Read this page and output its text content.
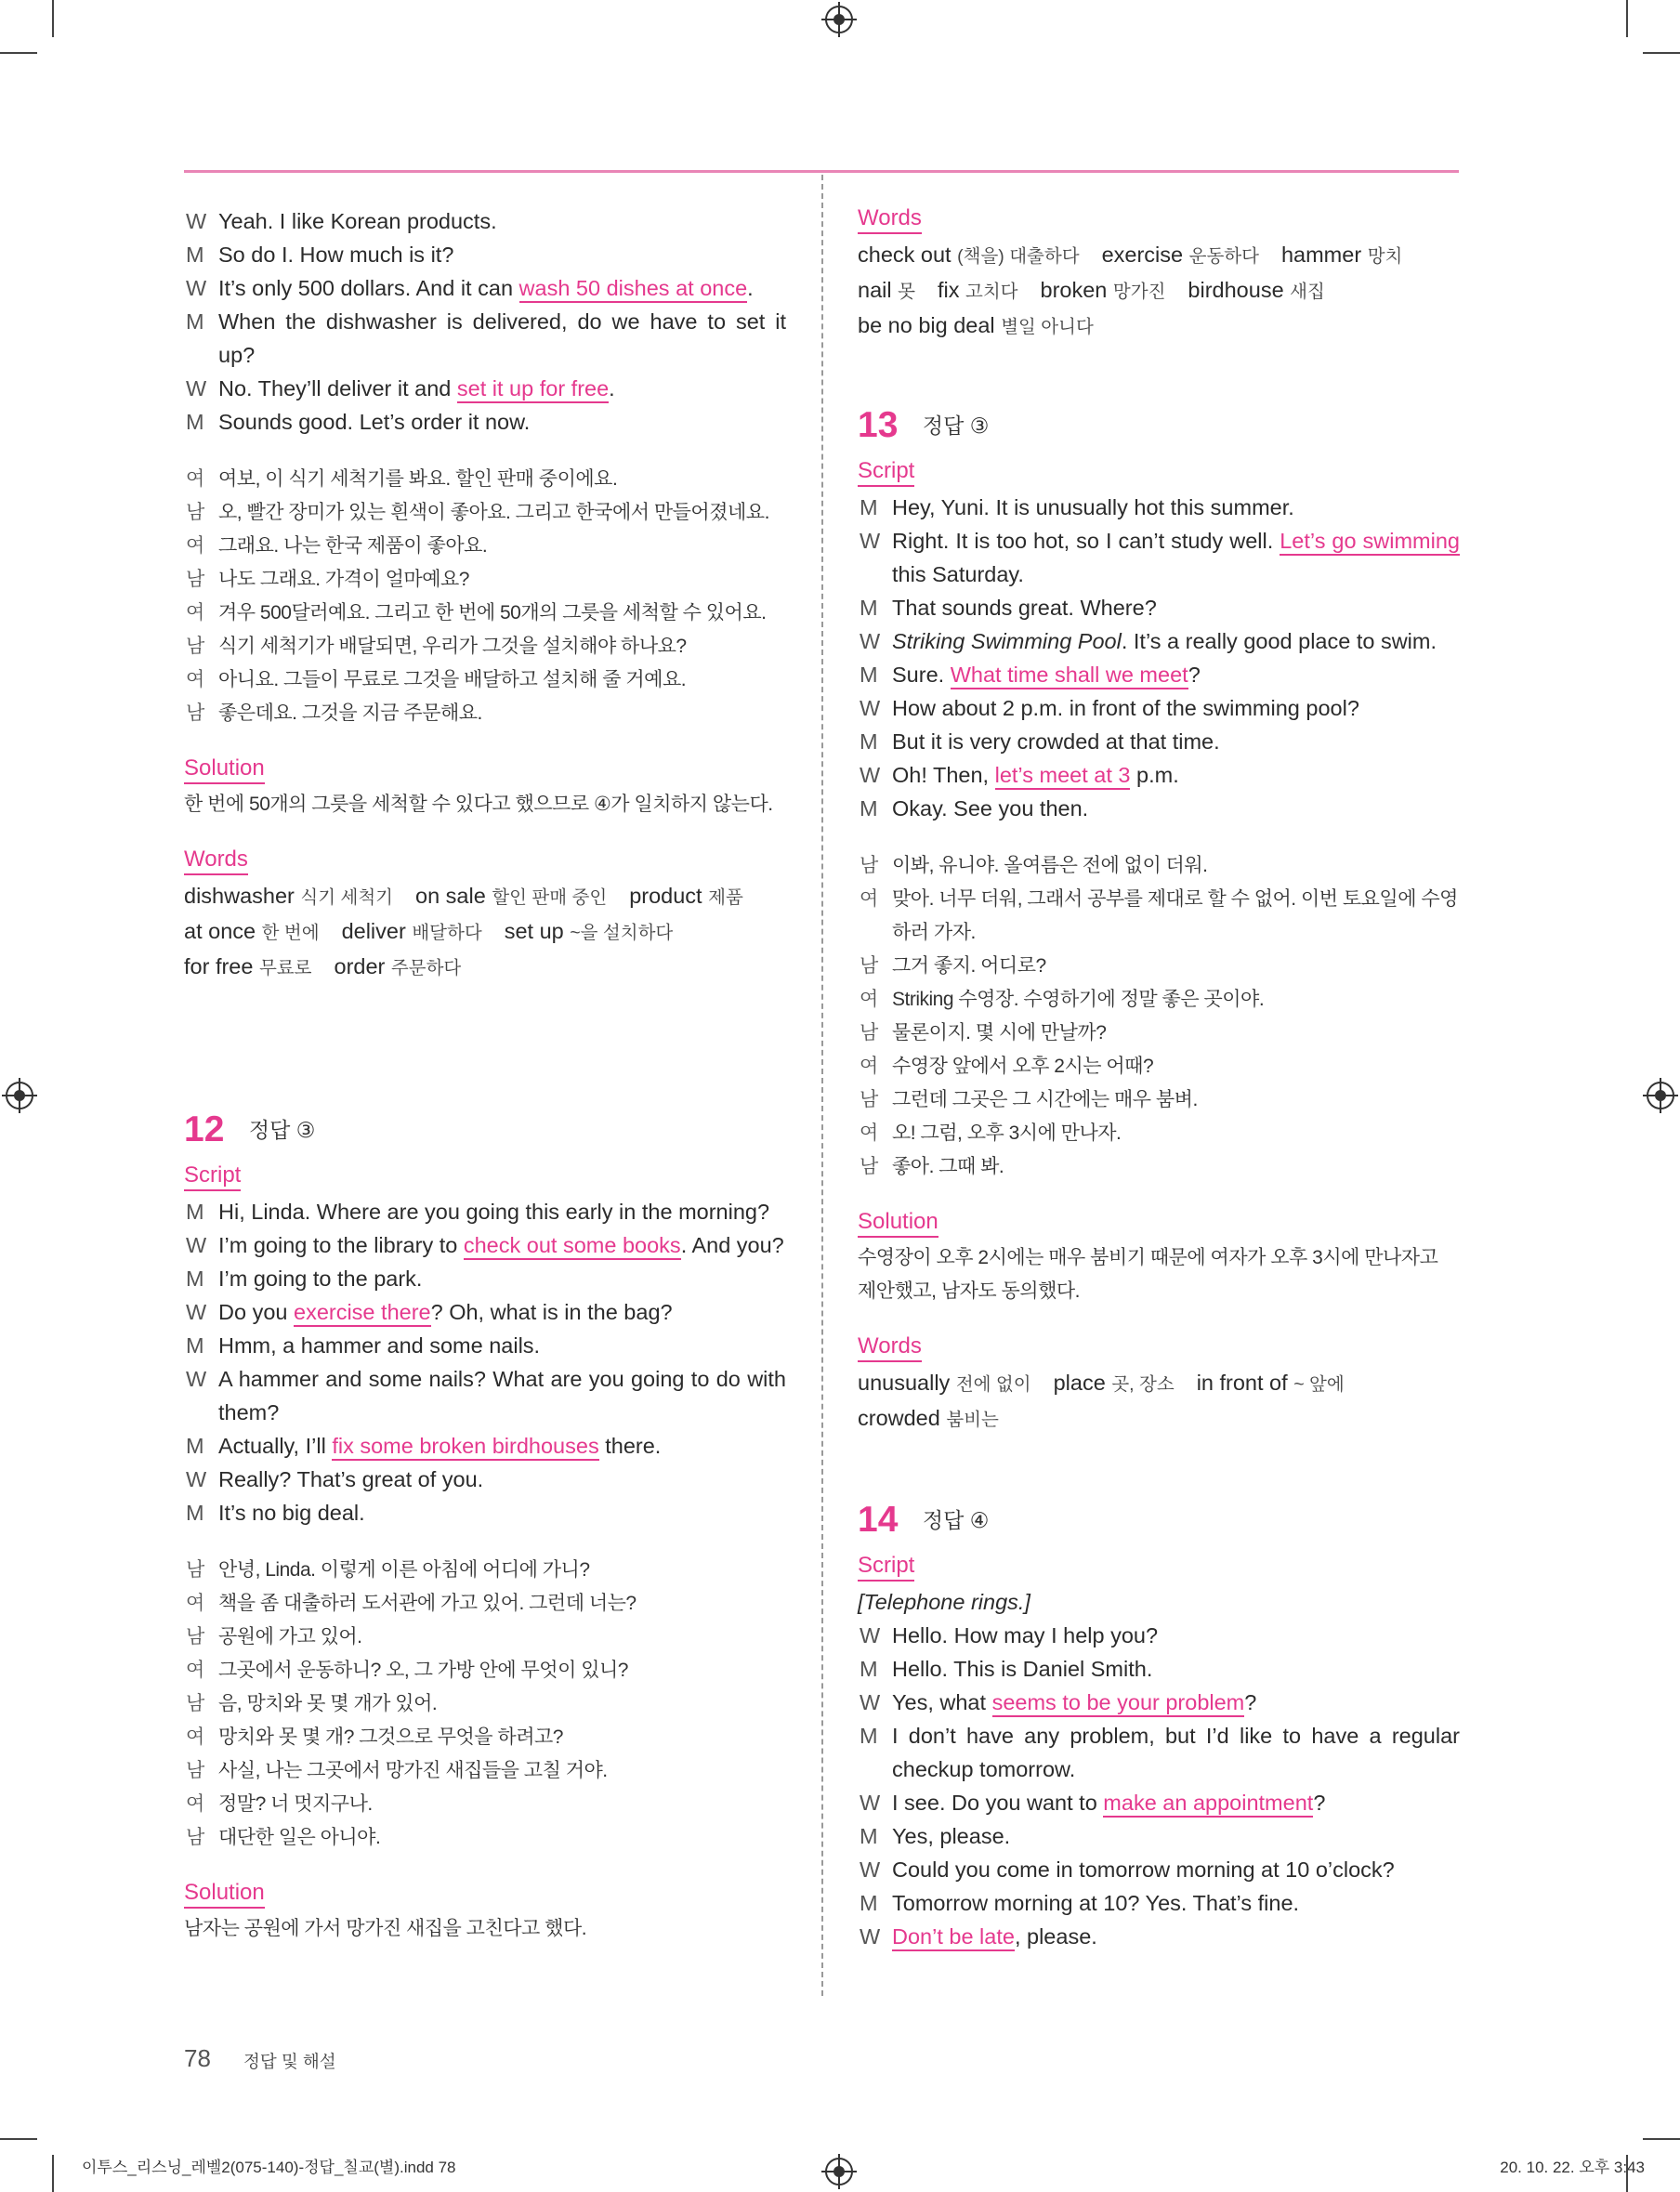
W Yeah. I like Korean products.
M So do I. How much is it?
W It’s only 500 dollars. And it can wash 50 dishes at once.
M When the dishwasher is delivered, do we have to set it up?
W No. They’ll deliver it and set it up for free.
M Sounds good. Let’s order it now.
여 여보, 이 식기 세척기를 봐요. 할인 판매 중이에요.
남 오, 빨간 장미가 있는 흰색이 좋아요. 그리고 한국에서 만들어졌네요.
여 그래요. 나는 한국 제품이 좋아요.
남 나도 그래요. 가격이 얼마예요?
여 겨우 500달러예요. 그리고 한 번에 50개의 그릇을 세척할 수 있어요.
남 식기 세척기가 배달되면, 우리가 그것을 설치해야 하나요?
여 아니요. 그들이 무료로 그것을 배달하고 설치해 줄 거예요.
남 좋은데요. 그것을 지금 주문해요.
Solution
한 번에 50개의 그릇을 세척할 수 있다고 했으므로 ④가 일치하지 않는다.
Words
dishwasher 식기 세척기 on sale 할인 판매 중인 product 제품
at once 한 번에 deliver 배달하다 set up ~을 설치하다
for free 무료로 order 주문하다
12 정답 ③
Script
M Hi, Linda. Where are you going this early in the morning?
W I’m going to the library to check out some books. And you?
M I’m going to the park.
W Do you exercise there? Oh, what is in the bag?
M Hmm, a hammer and some nails.
W A hammer and some nails? What are you going to do with them?
M Actually, I’ll fix some broken birdhouses there.
W Really? That’s great of you.
M It’s no big deal.
남 안녕, Linda. 이렇게 이른 아침에 어디에 가니?
여 책을 좀 대출하러 도서관에 가고 있어. 그런데 너는?
남 공원에 가고 있어.
여 그곳에서 운동하니? 오, 그 가방 안에 무엇이 있니?
남 음, 망치와 못 몇 개가 있어.
여 망치와 못 몇 개? 그것으로 무엇을 하려고?
남 사실, 나는 그곳에서 망가진 새집들을 고칠 거야.
여 정말? 너 멋지구나.
남 대단한 일은 아니야.
Solution
남자는 공원에 가서 망가진 새집을 고친다고 했다.
Words
check out (책을) 대출하다 exercise 운동하다 hammer 망치
nail 못 fix 고치다 broken 망가진 birdhouse 새집
be no big deal 별일 아니다
13 정답 ③
Script
M Hey, Yuni. It is unusually hot this summer.
W Right. It is too hot, so I can’t study well. Let’s go swimming this Saturday.
M That sounds great. Where?
W Striking Swimming Pool. It’s a really good place to swim.
M Sure. What time shall we meet?
W How about 2 p.m. in front of the swimming pool?
M But it is very crowded at that time.
W Oh! Then, let’s meet at 3 p.m.
M Okay. See you then.
남 이봐, 유니야. 올여름은 전에 없이 더워.
여 맞아. 너무 더워, 그래서 공부를 제대로 할 수 없어. 이번 토요일에 수영하러 가자.
남 그거 좋지. 어디로?
여 Striking 수영장. 수영하기에 정말 좋은 곳이야.
남 물론이지. 몇 시에 만날까?
여 수영장 앞에서 오후 2시는 어때?
남 그런데 그곳은 그 시간에는 매우 붐벼.
여 오! 그럼, 오후 3시에 만나자.
남 좋아. 그때 봐.
Solution
수영장이 오후 2시에는 매우 붐비기 때문에 여자가 오후 3시에 만나자고 제안했고, 남자도 동의했다.
Words
unusually 전에 없이 place 곳, 장소 in front of ~ 앞에
crowded 붐비는
14 정답 ④
Script
[Telephone rings.]
W Hello. How may I help you?
M Hello. This is Daniel Smith.
W Yes, what seems to be your problem?
M I don’t have any problem, but I’d like to have a regular checkup tomorrow.
W I see. Do you want to make an appointment?
M Yes, please.
W Could you come in tomorrow morning at 10 o’clock?
M Tomorrow morning at 10? Yes. That’s fine.
W Don’t be late, please.
78 정답 및 해설
이투스_리스닝_레벨2(075-140)-정답_칠교(별).indd 78	20. 10. 22. 오후 3:43
